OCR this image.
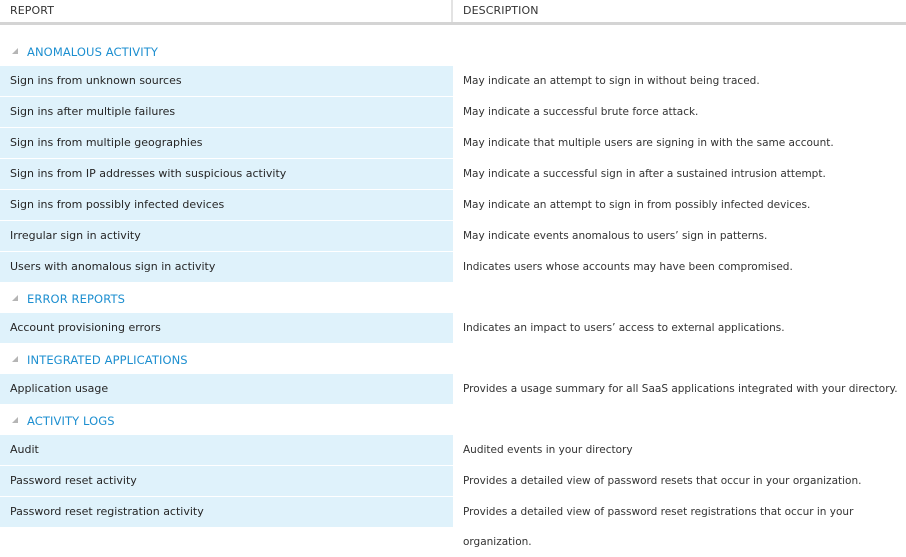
REPORT	DESCRIPTION
ANOMALOUS ACTIVITY
Sign ins from unknown sources	May indicate an attempt to sign in without being traced.
Sign ins after multiple failures	May indicate a successful brute force attack.
Sign ins from multiple geographies	May indicate that multiple users are signing in with the same account.
Sign ins from IP addresses with suspicious activity	May indicate a successful sign in after a sustained intrusion attempt.
Sign ins from possibly infected devices	May indicate an attempt to sign in from possibly infected devices.
Irregular sign in activity	May indicate events anomalous to users’ sign in patterns.
Users with anomalous sign in activity	Indicates users whose accounts may have been compromised.
ERROR REPORTS
Account provisioning errors	Indicates an impact to users’ access to external applications.
INTEGRATED APPLICATIONS
Application usage	Provides a usage summary for all SaaS applications integrated with your directory.
ACTIVITY LOGS
Audit	Audited events in your directory
Password reset activity	Provides a detailed view of password resets that occur in your organization.
Password reset registration activity	Provides a detailed view of password reset registrations that occur in your organization.
